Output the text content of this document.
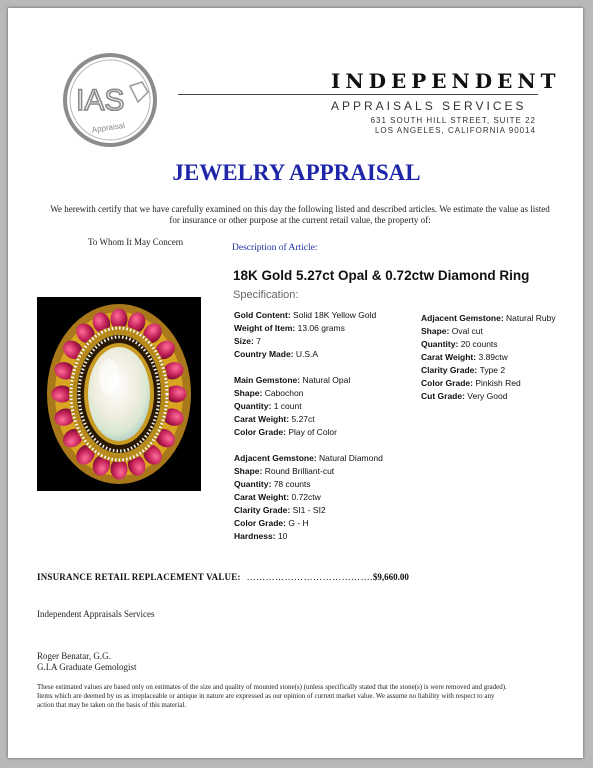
IAS
Appraisal
INDEPENDENT
APPRAISALS SERVICES
631 SOUTH HILL STREET, SUITE 22
LOS ANGELES, CALIFORNIA 90014
JEWELRY APPRAISAL
We herewith certify that we have carefully examined on this day the following listed and described articles. We estimate the value as listed for insurance or other purpose at the current retail value, the property of:
To Whom It May Concern
Description of Article:
18K Gold 5.27ct Opal & 0.72ctw Diamond Ring
Specification:
Gold Content: Solid 18K Yellow Gold
Weight of Item: 13.06 grams
Size: 7
Country Made: U.S.A
Main Gemstone: Natural Opal
Shape: Cabochon
Quantity: 1 count
Carat Weight: 5.27ct
Color Grade: Play of Color
Adjacent Gemstone: Natural Diamond
Shape: Round Brilliant-cut
Quantity: 78 counts
Carat Weight: 0.72ctw
Clarity Grade: SI1 - SI2
Color Grade: G - H
Hardness: 10
Adjacent Gemstone: Natural Ruby
Shape: Oval cut
Quantity: 20 counts
Carat Weight: 3.89ctw
Clarity Grade: Type 2
Color Grade: Pinkish Red
Cut Grade: Very Good
INSURANCE RETAIL REPLACEMENT VALUE: ………………………………….$9,660.00
Independent Appraisals Services
Roger Benatar, G.G.
G.I.A Graduate Gemologist
These estimated values are based only on estimates of the size and quality of mounted stone(s) (unless specifically stated that the stone(s) is were removed and graded). Items which are deemed by us as irreplaceable or antique in nature are expressed as our opinion of current market value. We assume no liability with respect to any action that may be taken on the basis of this material.
